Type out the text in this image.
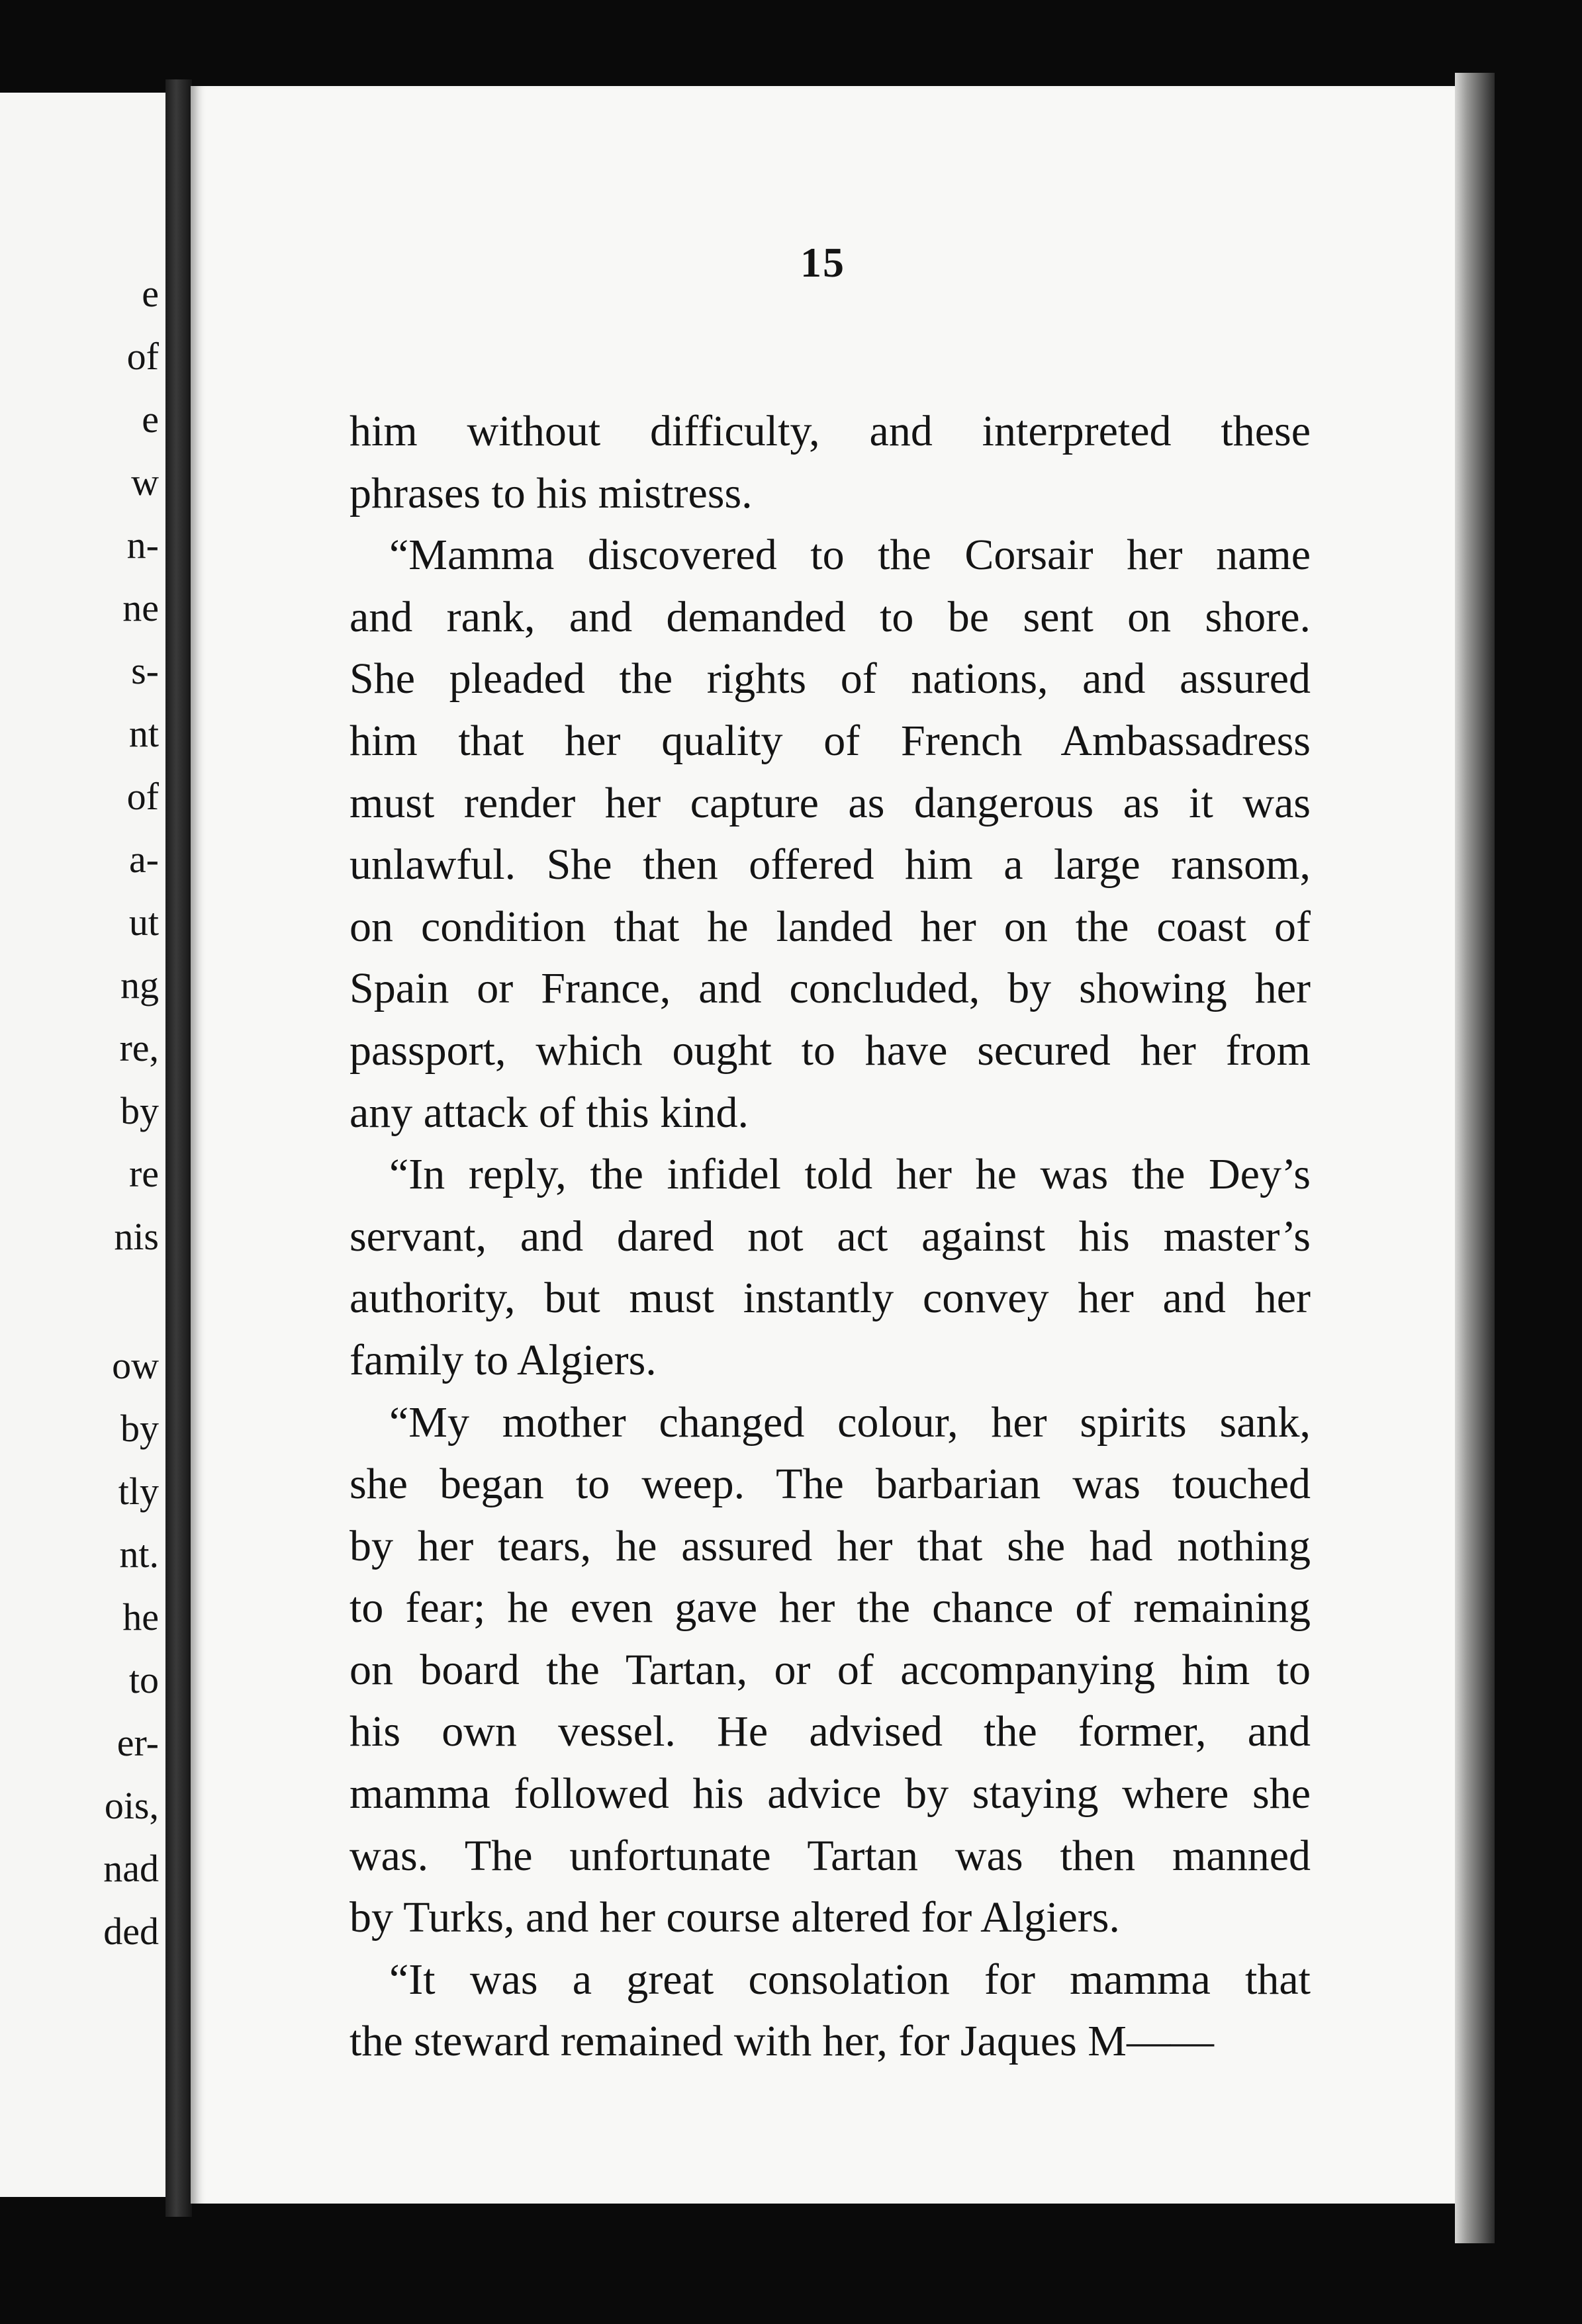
e
of
e
w
n-
ne
s-
nt
of
a-
ut
ng
re,
by
re
nis
ow
by
tly
nt.
he
to
er-
ois,
nad
ded
15
him without difficulty, and interpreted these
phrases to his mistress.
“Mamma discovered to the Corsair her name
and rank, and demanded to be sent on shore.
She pleaded the rights of nations, and assured
him that her quality of French Ambassadress
must render her capture as dangerous as it was
unlawful. She then offered him a large ransom,
on condition that he landed her on the coast of
Spain or France, and concluded, by showing her
passport, which ought to have secured her from
any attack of this kind.
“In reply, the infidel told her he was the Dey’s
servant, and dared not act against his master’s
authority, but must instantly convey her and her
family to Algiers.
“My mother changed colour, her spirits sank,
she began to weep. The barbarian was touched
by her tears, he assured her that she had nothing
to fear; he even gave her the chance of remaining
on board the Tartan, or of accompanying him to
his own vessel. He advised the former, and
mamma followed his advice by staying where she
was. The unfortunate Tartan was then manned
by Turks, and her course altered for Algiers.
“It was a great consolation for mamma that
the steward remained with her, for Jaques M——
